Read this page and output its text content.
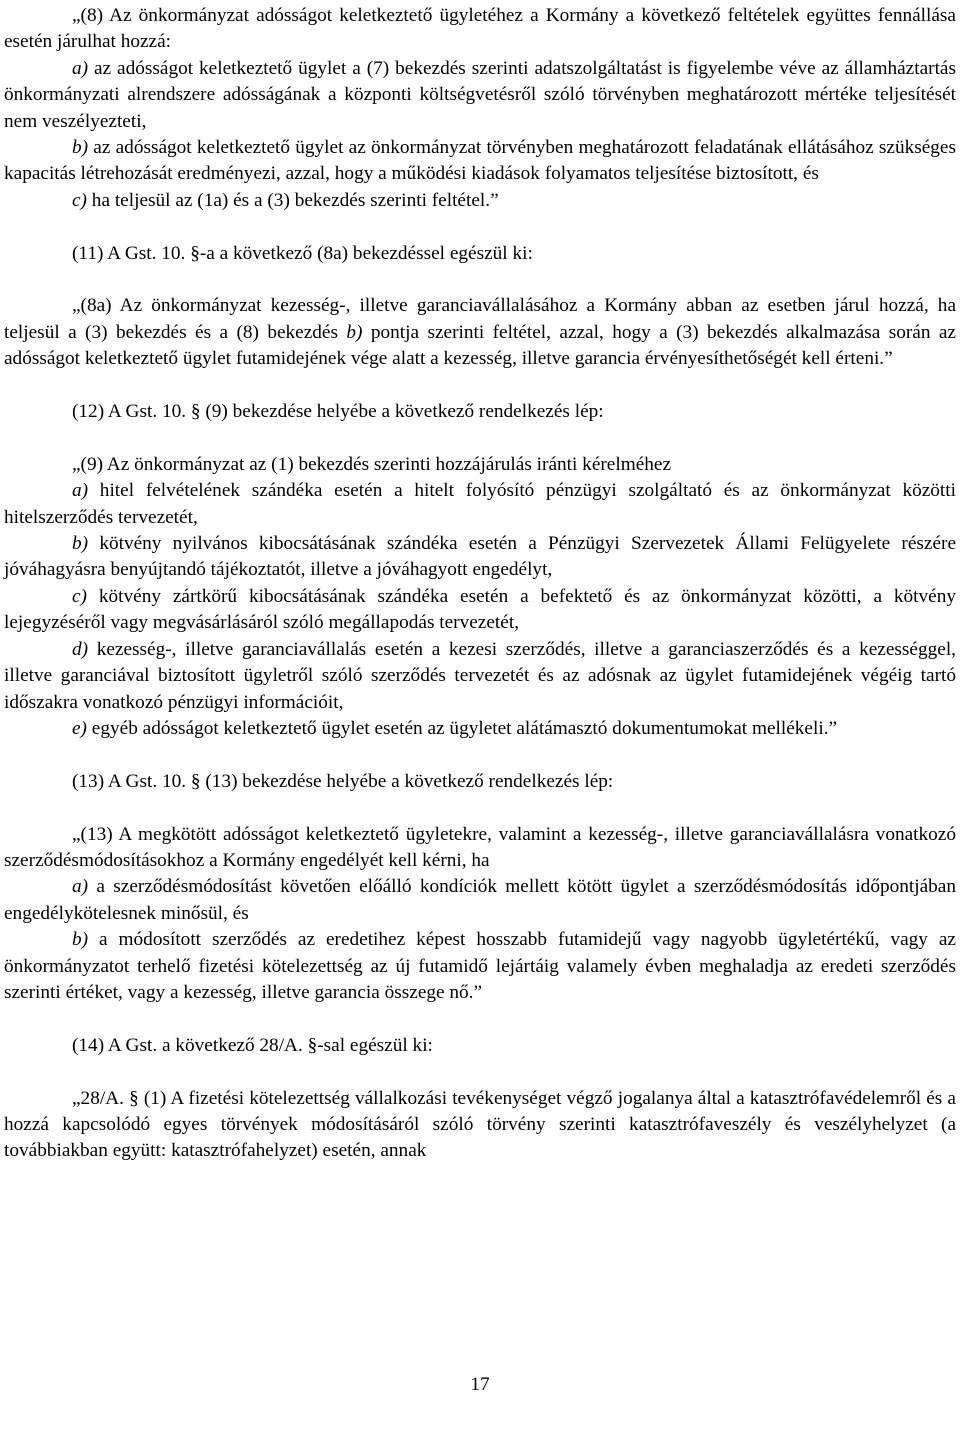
„(8) Az önkormányzat adósságot keletkeztető ügyletéhez a Kormány a következő feltételek együttes fennállása esetén járulhat hozzá:
a) az adósságot keletkeztető ügylet a (7) bekezdés szerinti adatszolgáltatást is figyelembe véve az államháztartás önkormányzati alrendszere adósságának a központi költségvetésről szóló törvényben meghatározott mértéke teljesítését nem veszélyezteti,
b) az adósságot keletkeztető ügylet az önkormányzat törvényben meghatározott feladatának ellátásához szükséges kapacitás létrehozását eredményezi, azzal, hogy a működési kiadások folyamatos teljesítése biztosított, és
c) ha teljesül az (1a) és a (3) bekezdés szerinti feltétel.”
(11) A Gst. 10. §-a a következő (8a) bekezdéssel egészül ki:
„(8a) Az önkormányzat kezesség-, illetve garanciavállalásához a Kormány abban az esetben járul hozzá, ha teljesül a (3) bekezdés és a (8) bekezdés b) pontja szerinti feltétel, azzal, hogy a (3) bekezdés alkalmazása során az adósságot keletkeztető ügylet futamidejének vége alatt a kezesség, illetve garancia érvényesíthetőségét kell érteni.”
(12) A Gst. 10. § (9) bekezdése helyébe a következő rendelkezés lép:
„(9) Az önkormányzat az (1) bekezdés szerinti hozzájárulás iránti kérelméhez
a) hitel felvételének szándéka esetén a hitelt folyósító pénzügyi szolgáltató és az önkormányzat közötti hitelszerződés tervezetét,
b) kötvény nyilvános kibocsátásának szándéka esetén a Pénzügyi Szervezetek Állami Felügyelete részére jóváhagyásra benyújtandó tájékoztatót, illetve a jóváhagyott engedélyt,
c) kötvény zártkörű kibocsátásának szándéka esetén a befektető és az önkormányzat közötti, a kötvény lejegyzéséről vagy megvásárlásáról szóló megállapodás tervezetét,
d) kezesség-, illetve garanciavállalás esetén a kezesi szerződés, illetve a garanciaszerződés és a kezességgel, illetve garanciával biztosított ügyletről szóló szerződés tervezetét és az adósnak az ügylet futamidejének végéig tartó időszakra vonatkozó pénzügyi információit,
e) egyéb adósságot keletkeztető ügylet esetén az ügyletet alátámasztó dokumentumokat mellékeli.”
(13) A Gst. 10. § (13) bekezdése helyébe a következő rendelkezés lép:
„(13) A megkötött adósságot keletkeztető ügyletekre, valamint a kezesség-, illetve garanciavállalásra vonatkozó szerződésmódosításokhoz a Kormány engedélyét kell kérni, ha
a) a szerződésmódosítást követően előálló kondíciók mellett kötött ügylet a szerződésmódosítás időpontjában engedélykötelesnek minősül, és
b) a módosított szerződés az eredetihez képest hosszabb futamidejű vagy nagyobb ügyletértékű, vagy az önkormányzatot terhelő fizetési kötelezettség az új futamidő lejártáig valamely évben meghaladja az eredeti szerződés szerinti értéket, vagy a kezesség, illetve garancia összege nő.”
(14) A Gst. a következő 28/A. §-sal egészül ki:
„28/A. § (1) A fizetési kötelezettség vállalkozási tevékenységet végző jogalanya által a katasztrófavédelemről és a hozzá kapcsolódó egyes törvények módosításáról szóló törvény szerinti katasztrófaveszély és veszélyhelyzet (a továbbiakban együtt: katasztrófahelyzet) esetén, annak
17
